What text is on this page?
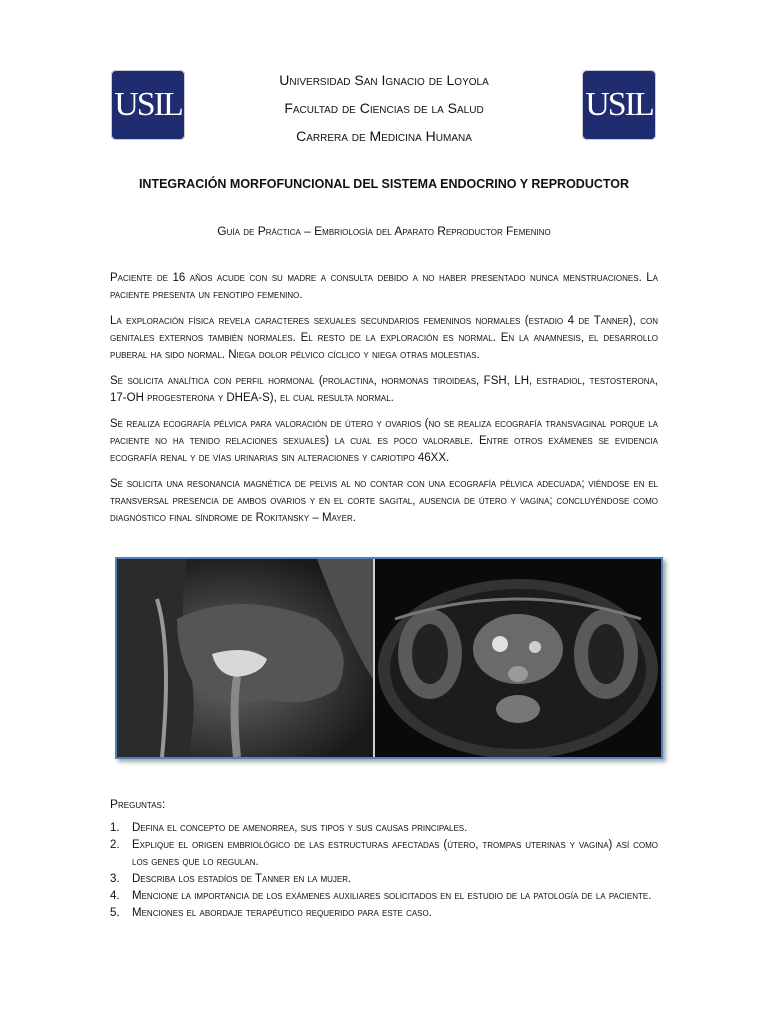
USIL	USIL
Universidad San Ignacio de Loyola
Facultad de Ciencias de la Salud
Carrera de Medicina Humana
INTEGRACIÓN MORFOFUNCIONAL DEL SISTEMA ENDOCRINO Y REPRODUCTOR
Guía de Práctica – Embriología del Aparato Reproductor Femenino

Paciente de 16 años acude con su madre a consulta debido a no haber presentado nunca menstruaciones. La paciente presenta un fenotipo femenino.

La exploración física revela caracteres sexuales secundarios femeninos normales (estadio 4 de Tanner), con genitales externos también normales. El resto de la exploración es normal. En la anamnesis, el desarrollo puberal ha sido normal. Niega dolor pélvico cíclico y niega otras molestias.

Se solicita analítica con perfil hormonal (prolactina, hormonas tiroideas, FSH, LH, estradiol, testosterona, 17-OH progesterona y DHEA-S), el cual resulta normal.

Se realiza ecografía pélvica para valoración de útero y ovarios (no se realiza ecografía transvaginal porque la paciente no ha tenido relaciones sexuales) la cual es poco valorable. Entre otros exámenes se evidencia ecografía renal y de vías urinarias sin alteraciones y cariotipo 46XX.

Se solicita una resonancia magnética de pelvis al no contar con una ecografía pélvica adecuada; viéndose en el transversal presencia de ambos ovarios y en el corte sagital, ausencia de útero y vagina; concluyéndose como diagnóstico final síndrome de Rokitansky – Mayer.

Preguntas:
1. Defina el concepto de amenorrea, sus tipos y sus causas principales.
2. Explique el origen embriológico de las estructuras afectadas (útero, trompas uterinas y vagina) así como los genes que lo regulan.
3. Describa los estadíos de Tanner en la mujer.
4. Mencione la importancia de los exámenes auxiliares solicitados en el estudio de la patología de la paciente.
5. Menciones el abordaje terapéutico requerido para este caso.
